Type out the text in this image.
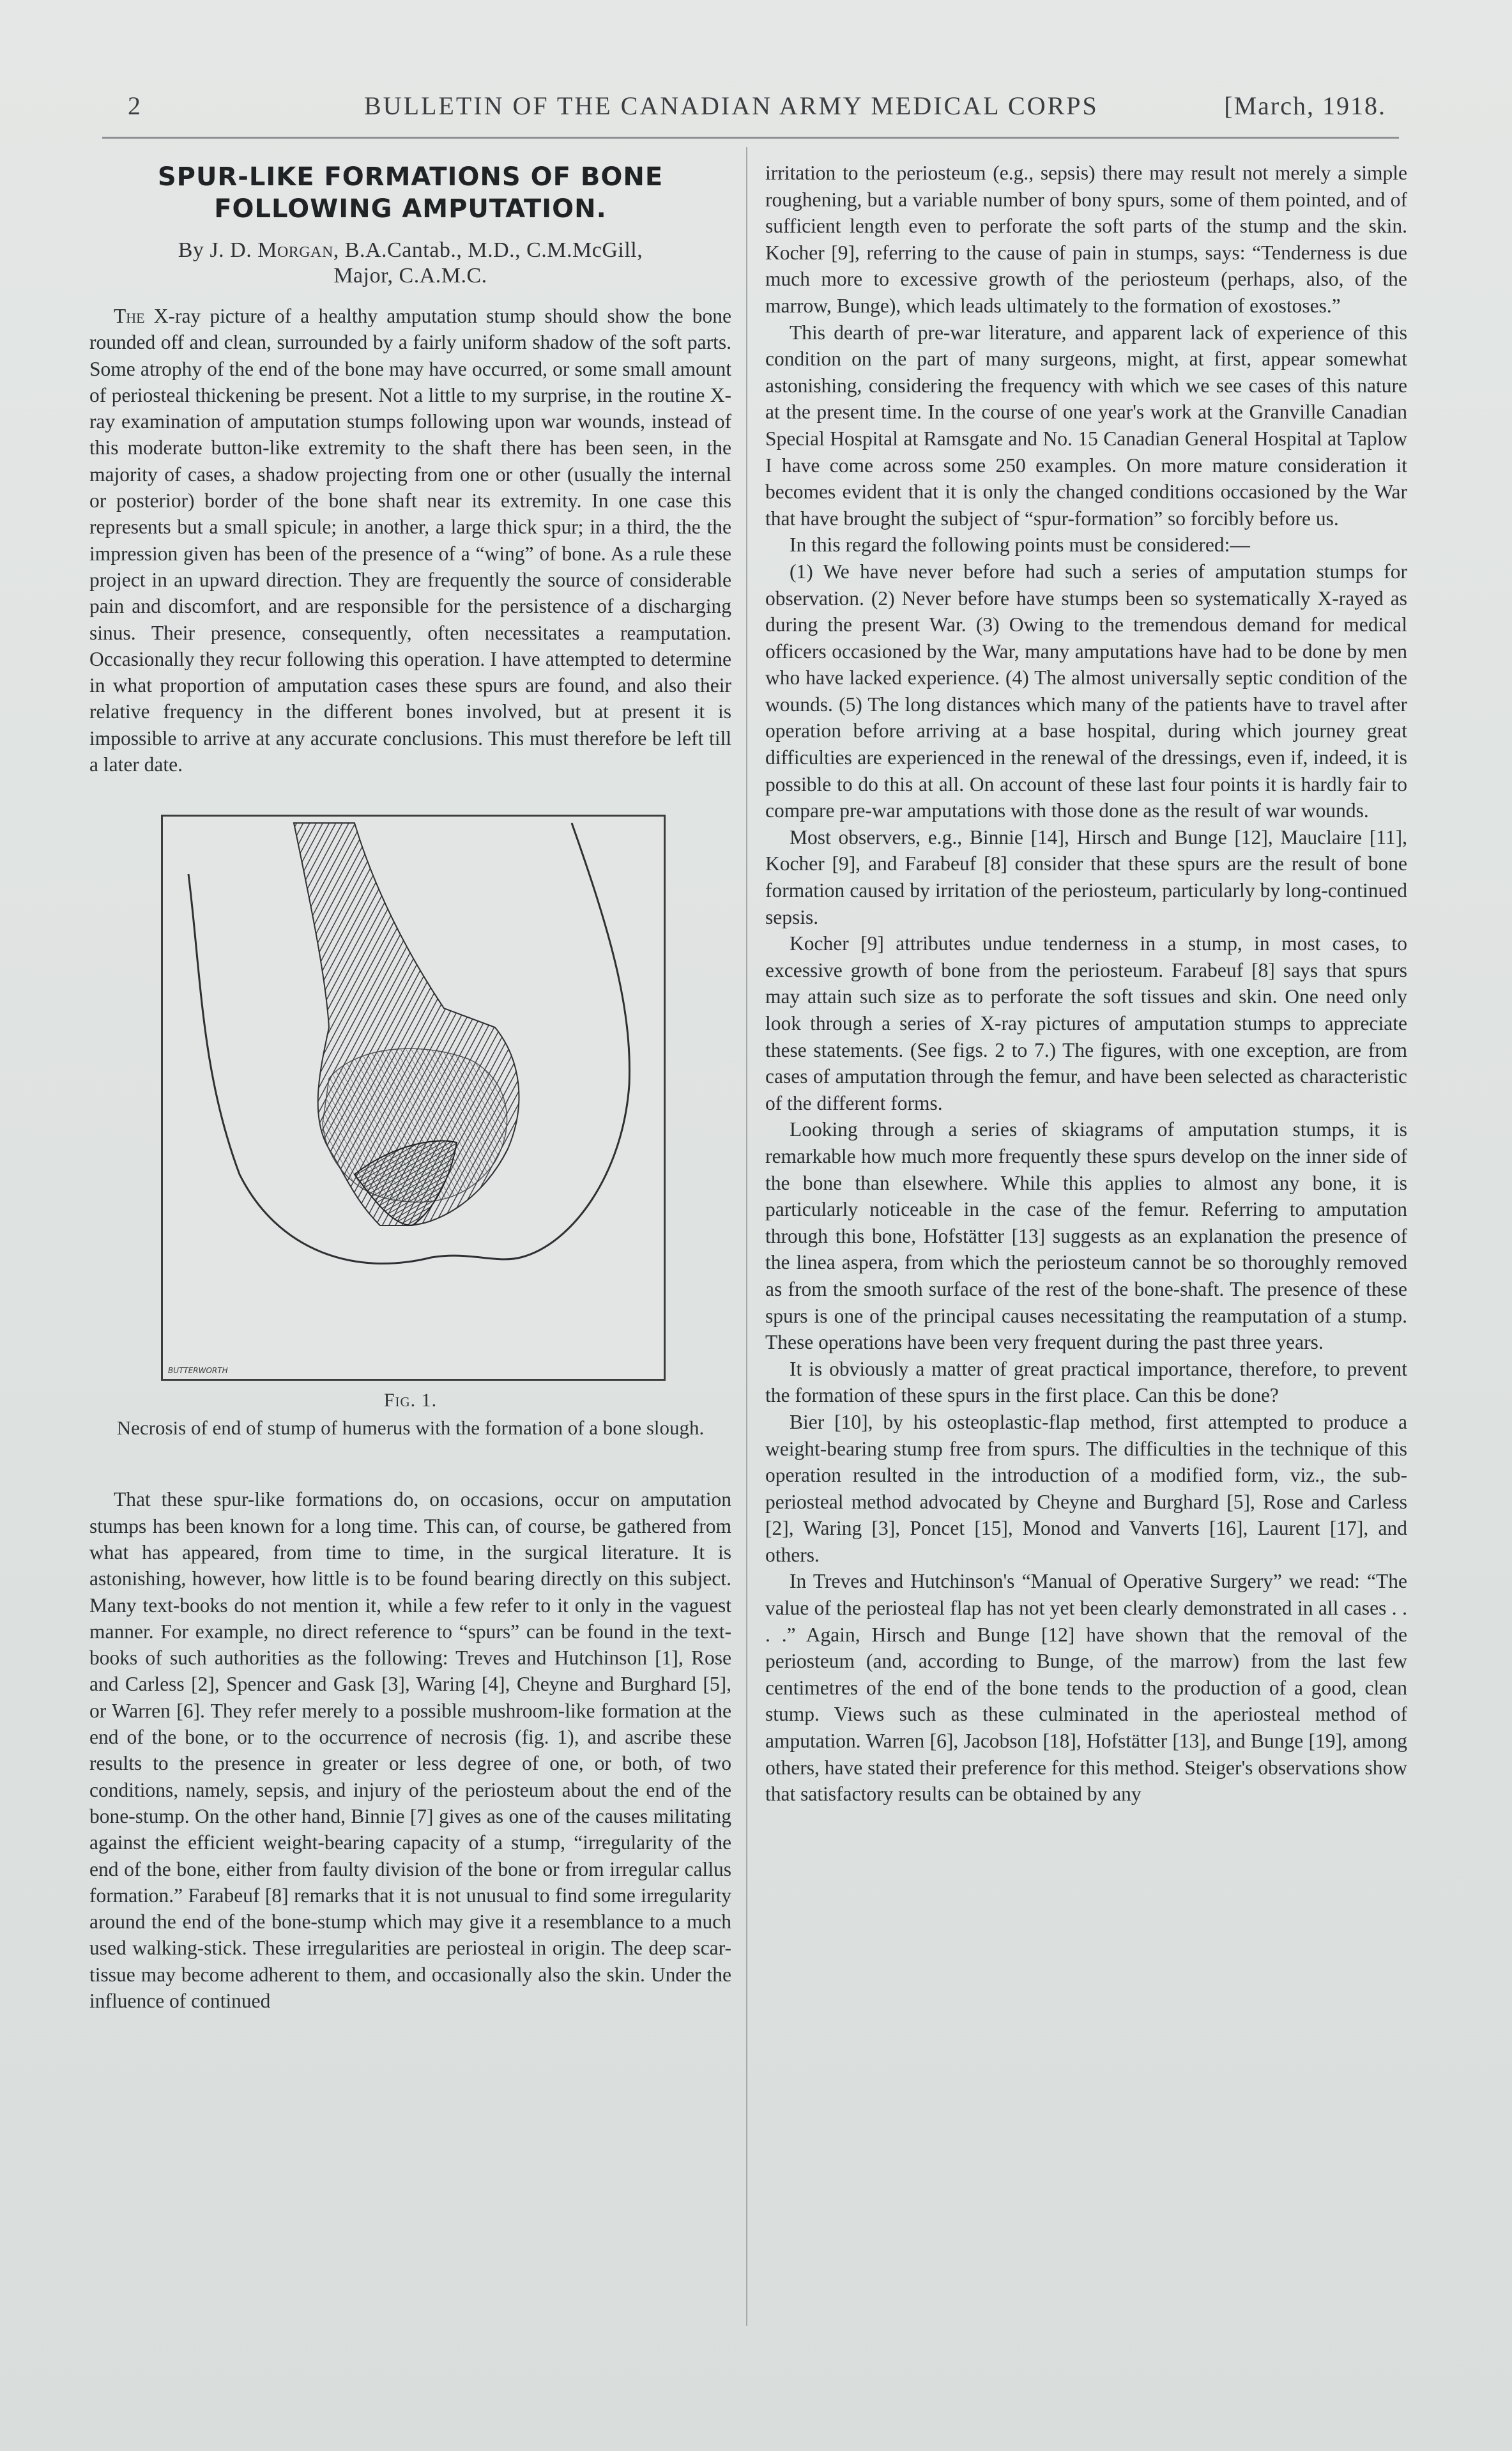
2	BULLETIN OF THE CANADIAN ARMY MEDICAL CORPS	[March, 1918.
SPUR-LIKE FORMATIONS OF BONE
FOLLOWING AMPUTATION.
By J. D. Morgan, B.A.Cantab., M.D., C.M.McGill,
Major, C.A.M.C.

The X-ray picture of a healthy amputation stump should show the bone rounded off and clean, surrounded by a fairly uniform shadow of the soft parts. Some atrophy of the end of the bone may have occurred, or some small amount of periosteal thickening be present. Not a little to my surprise, in the routine X-ray examination of amputation stumps following upon war wounds, instead of this moderate button-like extremity to the shaft there has been seen, in the majority of cases, a shadow projecting from one or other (usually the internal or posterior) border of the bone shaft near its extremity. In one case this represents but a small spicule; in another, a large thick spur; in a third, the the impression given has been of the presence of a “wing” of bone. As a rule these project in an upward direction. They are frequently the source of considerable pain and discomfort, and are responsible for the persistence of a discharging sinus. Their presence, consequently, often necessitates a reamputation. Occasionally they recur following this operation. I have attempted to determine in what proportion of amputation cases these spurs are found, and also their relative frequency in the different bones involved, but at present it is impossible to arrive at any accurate conclusions. This must therefore be left till a later date.

BUTTERWORTH
Fig. 1.
Necrosis of end of stump of humerus with the formation of a bone slough.

That these spur-like formations do, on occasions, occur on amputation stumps has been known for a long time. This can, of course, be gathered from what has appeared, from time to time, in the surgical literature. It is astonishing, however, how little is to be found bearing directly on this subject. Many text-books do not mention it, while a few refer to it only in the vaguest manner. For example, no direct reference to “spurs” can be found in the text-books of such authorities as the following: Treves and Hutchinson [1], Rose and Carless [2], Spencer and Gask [3], Waring [4], Cheyne and Burghard [5], or Warren [6]. They refer merely to a possible mushroom-like formation at the end of the bone, or to the occurrence of necrosis (fig. 1), and ascribe these results to the presence in greater or less degree of one, or both, of two conditions, namely, sepsis, and injury of the periosteum about the end of the bone-stump. On the other hand, Binnie [7] gives as one of the causes militating against the efficient weight-bearing capacity of a stump, “irregularity of the end of the bone, either from faulty division of the bone or from irregular callus formation.” Farabeuf [8] remarks that it is not unusual to find some irregularity around the end of the bone-stump which may give it a resemblance to a much used walking-stick. These irregularities are periosteal in origin. The deep scar-tissue may become adherent to them, and occasionally also the skin. Under the influence of continued

irritation to the periosteum (e.g., sepsis) there may result not merely a simple roughening, but a variable number of bony spurs, some of them pointed, and of sufficient length even to perforate the soft parts of the stump and the skin. Kocher [9], referring to the cause of pain in stumps, says: “Tenderness is due much more to excessive growth of the periosteum (perhaps, also, of the marrow, Bunge), which leads ultimately to the formation of exostoses.”

This dearth of pre-war literature, and apparent lack of experience of this condition on the part of many surgeons, might, at first, appear somewhat astonishing, considering the frequency with which we see cases of this nature at the present time. In the course of one year's work at the Granville Canadian Special Hospital at Ramsgate and No. 15 Canadian General Hospital at Taplow I have come across some 250 examples. On more mature consideration it becomes evident that it is only the changed conditions occasioned by the War that have brought the subject of “spur-formation” so forcibly before us.

In this regard the following points must be considered:—

(1) We have never before had such a series of amputation stumps for observation. (2) Never before have stumps been so systematically X-rayed as during the present War. (3) Owing to the tremendous demand for medical officers occasioned by the War, many amputations have had to be done by men who have lacked experience. (4) The almost universally septic condition of the wounds. (5) The long distances which many of the patients have to travel after operation before arriving at a base hospital, during which journey great difficulties are experienced in the renewal of the dressings, even if, indeed, it is possible to do this at all. On account of these last four points it is hardly fair to compare pre-war amputations with those done as the result of war wounds.

Most observers, e.g., Binnie [14], Hirsch and Bunge [12], Mauclaire [11], Kocher [9], and Farabeuf [8] consider that these spurs are the result of bone formation caused by irritation of the periosteum, particularly by long-continued sepsis.

Kocher [9] attributes undue tenderness in a stump, in most cases, to excessive growth of bone from the periosteum. Farabeuf [8] says that spurs may attain such size as to perforate the soft tissues and skin. One need only look through a series of X-ray pictures of amputation stumps to appreciate these statements. (See figs. 2 to 7.) The figures, with one exception, are from cases of amputation through the femur, and have been selected as characteristic of the different forms.

Looking through a series of skiagrams of amputation stumps, it is remarkable how much more frequently these spurs develop on the inner side of the bone than elsewhere. While this applies to almost any bone, it is particularly noticeable in the case of the femur. Referring to amputation through this bone, Hofstätter [13] suggests as an explanation the presence of the linea aspera, from which the periosteum cannot be so thoroughly removed as from the smooth surface of the rest of the bone-shaft. The presence of these spurs is one of the principal causes necessitating the reamputation of a stump. These operations have been very frequent during the past three years.

It is obviously a matter of great practical importance, therefore, to prevent the formation of these spurs in the first place. Can this be done?

Bier [10], by his osteoplastic-flap method, first attempted to produce a weight-bearing stump free from spurs. The difficulties in the technique of this operation resulted in the introduction of a modified form, viz., the sub-periosteal method advocated by Cheyne and Burghard [5], Rose and Carless [2], Waring [3], Poncet [15], Monod and Vanverts [16], Laurent [17], and others.

In Treves and Hutchinson's “Manual of Operative Surgery” we read: “The value of the periosteal flap has not yet been clearly demonstrated in all cases . . . .” Again, Hirsch and Bunge [12] have shown that the removal of the periosteum (and, according to Bunge, of the marrow) from the last few centimetres of the end of the bone tends to the production of a good, clean stump. Views such as these culminated in the aperiosteal method of amputation. Warren [6], Jacobson [18], Hofstätter [13], and Bunge [19], among others, have stated their preference for this method. Steiger's observations show that satisfactory results can be obtained by any
